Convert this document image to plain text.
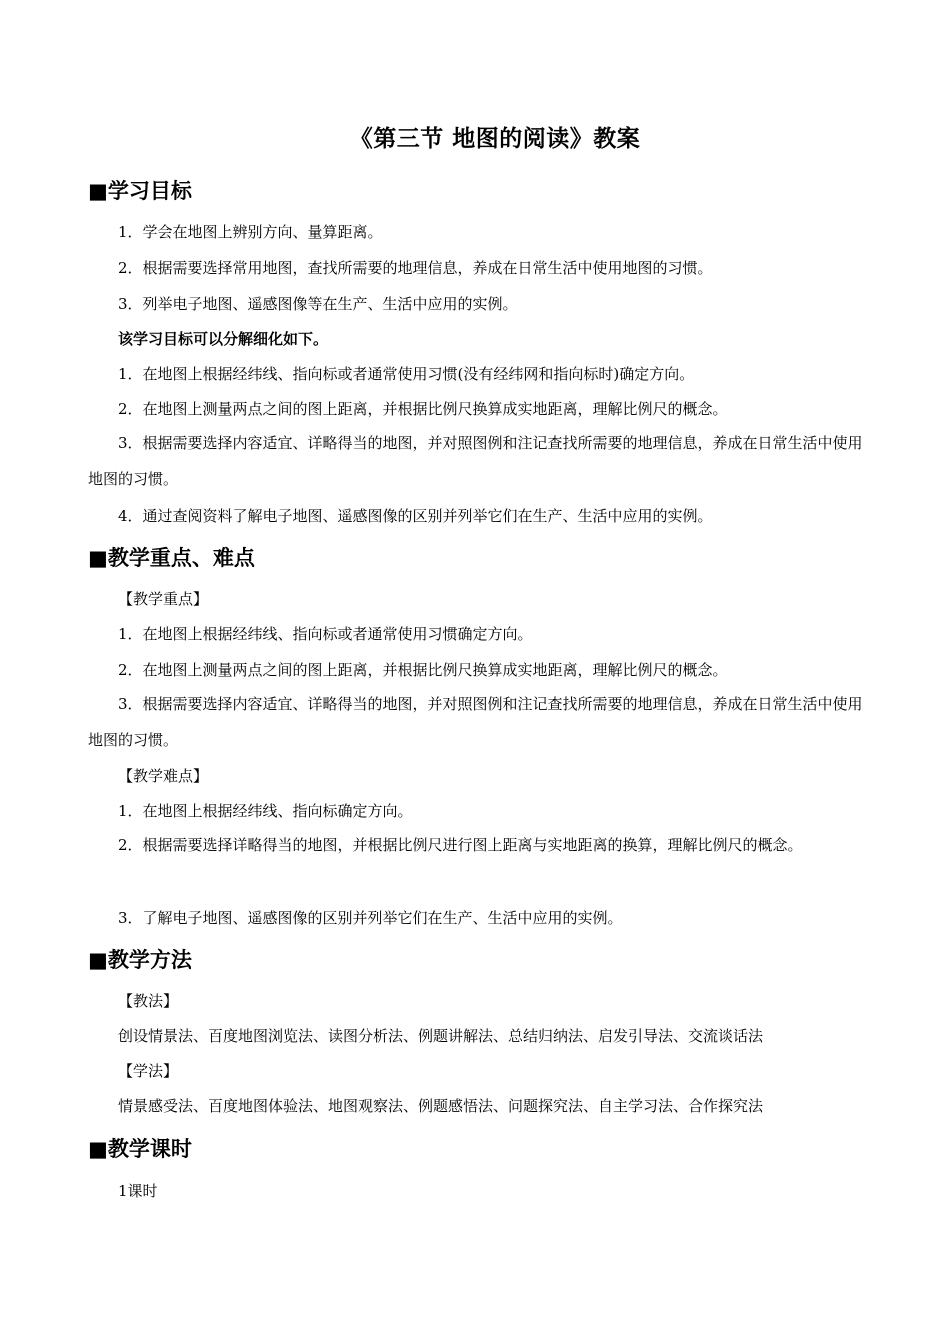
《第三节 地图的阅读》教案
■学习目标
1．学会在地图上辨别方向、量算距离。
2．根据需要选择常用地图，查找所需要的地理信息，养成在日常生活中使用地图的习惯。
3．列举电子地图、遥感图像等在生产、生活中应用的实例。
该学习目标可以分解细化如下。
1．在地图上根据经纬线、指向标或者通常使用习惯(没有经纬网和指向标时)确定方向。
2．在地图上测量两点之间的图上距离，并根据比例尺换算成实地距离，理解比例尺的概念。
3．根据需要选择内容适宜、详略得当的地图，并对照图例和注记查找所需要的地理信息，养成在日常生活中使用地图的习惯。
4．通过查阅资料了解电子地图、遥感图像的区别并列举它们在生产、生活中应用的实例。
■教学重点、难点
【教学重点】
1．在地图上根据经纬线、指向标或者通常使用习惯确定方向。
2．在地图上测量两点之间的图上距离，并根据比例尺换算成实地距离，理解比例尺的概念。
3．根据需要选择内容适宜、详略得当的地图，并对照图例和注记查找所需要的地理信息，养成在日常生活中使用地图的习惯。
【教学难点】
1．在地图上根据经纬线、指向标确定方向。
2．根据需要选择详略得当的地图，并根据比例尺进行图上距离与实地距离的换算，理解比例尺的概念。
3．了解电子地图、遥感图像的区别并列举它们在生产、生活中应用的实例。
■教学方法
【教法】
创设情景法、百度地图浏览法、读图分析法、例题讲解法、总结归纳法、启发引导法、交流谈话法
【学法】
情景感受法、百度地图体验法、地图观察法、例题感悟法、问题探究法、自主学习法、合作探究法
■教学课时
1课时
